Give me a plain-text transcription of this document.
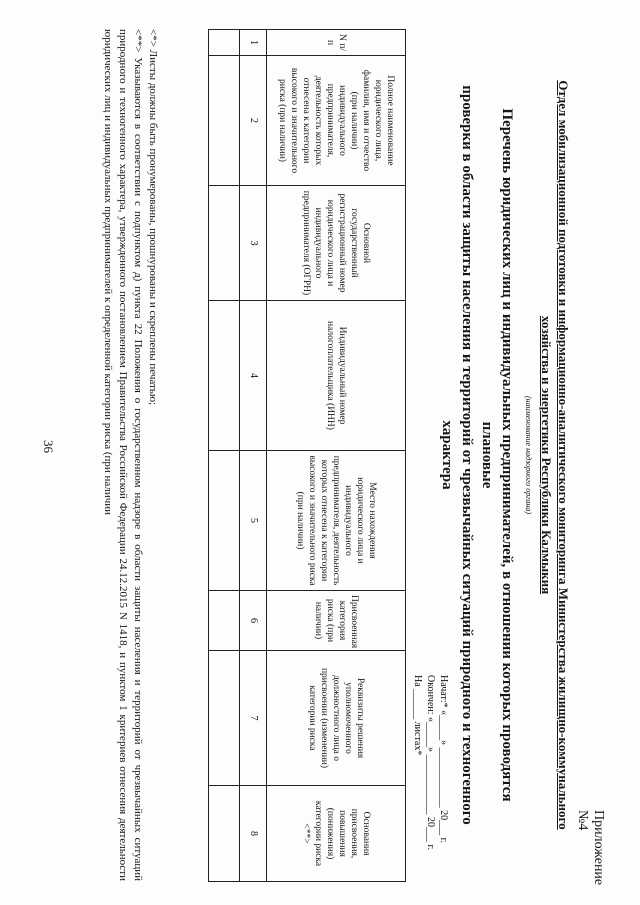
Приложение №4
Отдел мобилизационной подготовки и информационно-аналитического мониторинга Министерства жилищно-коммунального
хозяйства и энергетики Республики Калмыкия
(наименование надзорного органа)
Перечень юридических лиц и индивидуальных предпринимателей, в отношении которых проводятся плановые
проверки в области защиты населения и территорий от чрезвычайных ситуаций природного и техногенного
характера
Начат:* «_____» ____________ 20___ г.
Окончен: «_____» ____________ 20___ г.
На ______ листах*
N п/п	Полное наименование юридического лица, фамилия, имя и отчество (при наличии) индивидуального предпринимателя, деятельность которых отнесена к категории высокого и значительного риска (при наличии)	Основной государственный регистрационный номер юридического лица и индивидуального предпринимателя (ОГРН)	Индивидуальный номер налогоплательщика (ИНН)	Место нахождения юридического лица и индивидуального предпринимателя, деятельность которых отнесена к категории высокого и значительного риска (при наличии)	Присвоенная категория риска (при наличии)	Реквизиты решения уполномоченного должностного лица о присвоении (изменении) категории риска	Основания присвоения, повышения (понижения) категории риска <**>
1	2	3	4	5	6	7	8

<*> Листы должны быть пронумерованы, прошнурованы и скреплены печатью;
<**> Указываются в соответствии с подпунктом д) пункта 22 Положения о государственном надзоре в области защиты населения и территорий от чрезвычайных ситуаций природного и техногенного характера, утвержденного постановлением Правительства Российской Федерации 24.12.2015 N 1418, и пунктом 1 критериев отнесения деятельности юридических лиц и индивидуальных предпринимателей к определенной категории риска (при наличии
36
